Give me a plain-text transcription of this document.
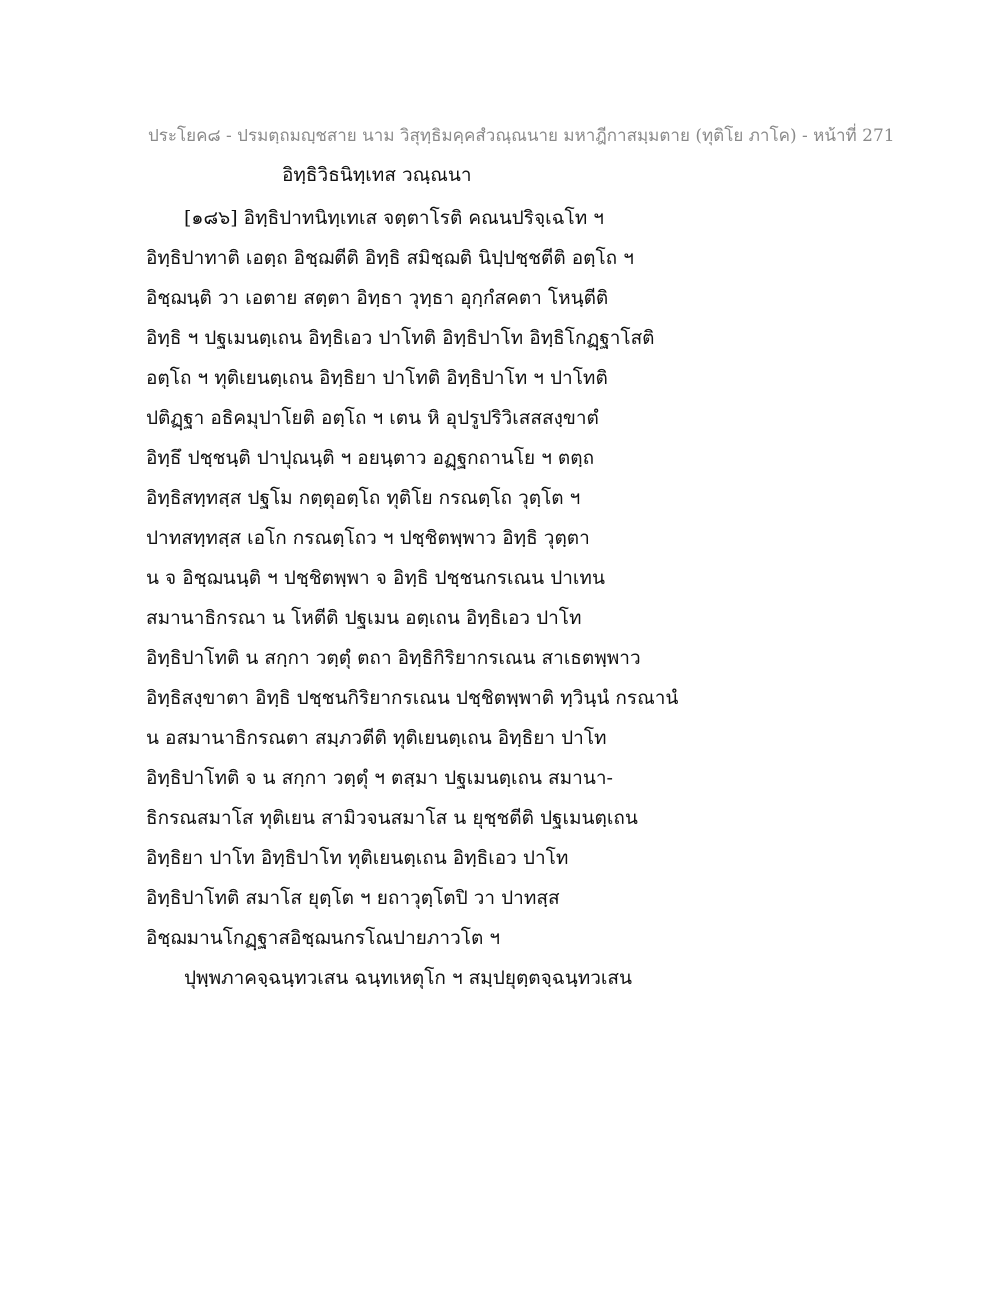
ประโยค๘ - ปรมตฺถมญฺชสาย นาม วิสุทฺธิมคฺคสํวณฺณนาย มหาฎีกาสมฺมตาย (ทุติโย ภาโค) - หน้าที่ 271
อิทฺธิวิธนิทฺเทส วณฺณนา
[๑๘๖] อิทฺธิปาทนิทฺเทเส จตฺตาโรติ คณนปริจฺเฉโท ฯ
อิทฺธิปาทาติ เอตฺถ อิชฺฌตีติ อิทฺธิ สมิชฺฌติ นิปฺปชฺชตีติ อตฺโถ ฯ
อิชฺฌนฺติ วา เอตาย สตฺตา อิทฺธา วุทฺธา อุกฺกํสคตา โหนฺตีติ
อิทฺธิ ฯ ปฐเมนตฺเถน อิทฺธิเอว ปาโทติ อิทฺธิปาโท อิทฺธิโกฏฺฐาโสติ
อตฺโถ ฯ ทุติเยนตฺเถน อิทฺธิยา ปาโทติ อิทฺธิปาโท ฯ ปาโทติ
ปติฏฺฐา อธิคมุปาโยติ อตฺโถ ฯ เตน หิ อุปรูปริวิเสสสงฺขาตํ
อิทฺธึ ปชฺชนฺติ ปาปุณนฺติ ฯ อยนฺตาว อฏฺฐกถานโย ฯ ตตฺถ
อิทฺธิสทฺทสฺส ปฐโม กตฺตุอตฺโถ ทุติโย กรณตฺโถ วุตฺโต ฯ
ปาทสทฺทสฺส เอโก กรณตฺโถว ฯ ปชฺชิตพฺพาว อิทฺธิ วุตฺตา
น จ อิชฺฌนนฺติ ฯ ปชฺชิตพฺพา จ อิทฺธิ ปชฺชนกรเณน ปาเทน
สมานาธิกรณา น โหตีติ ปฐเมน อตฺเถน อิทฺธิเอว ปาโท
อิทฺธิปาโทติ น สกฺกา วตฺตุํ ตถา อิทฺธิกิริยากรเณน สาเธตพฺพาว
อิทฺธิสงฺขาตา อิทฺธิ ปชฺชนกิริยากรเณน ปชฺชิตพฺพาติ ทฺวินฺนํ กรณานํ
น อสมานาธิกรณตา สมฺภวตีติ ทุติเยนตฺเถน อิทฺธิยา ปาโท
อิทฺธิปาโทติ จ น สกฺกา วตฺตุํ ฯ ตสฺมา ปฐเมนตฺเถน สมานา-
ธิกรณสมาโส ทุติเยน สามิวจนสมาโส น ยุชฺชตีติ ปฐเมนตฺเถน
อิทฺธิยา ปาโท อิทฺธิปาโท ทุติเยนตฺเถน อิทฺธิเอว ปาโท
อิทฺธิปาโทติ สมาโส ยุตฺโต ฯ ยถาวุตฺโตปิ วา ปาทสฺส
อิชฺฌมานโกฏฺฐาสอิชฺฌนกรโณปายภาวโต ฯ
ปุพฺพภาคจฺฉนฺทวเสน ฉนฺทเหตุโก ฯ สมฺปยุตฺตจฺฉนฺทวเสน
